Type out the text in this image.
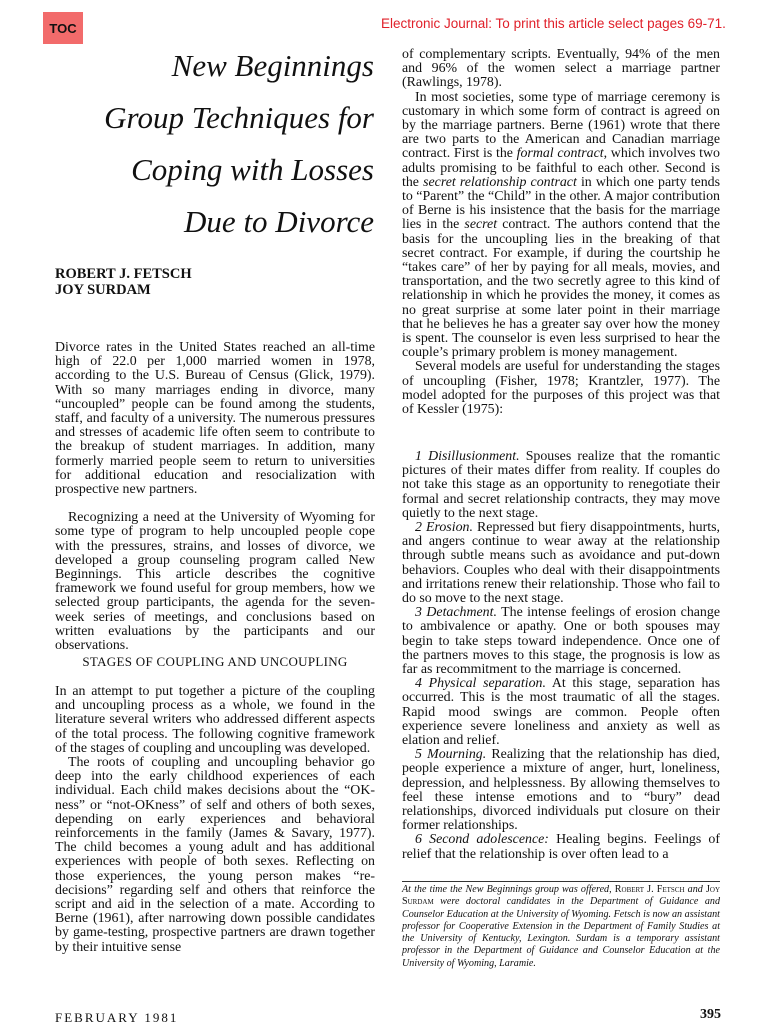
TOC	Electronic Journal: To print this article select pages 69-71.
New Beginnings
Group Techniques for
Coping with Losses
Due to Divorce
ROBERT J. FETSCH
JOY SURDAM

Divorce rates in the United States reached an all-time high of 22.0 per 1,000 married women in 1978, according to the U.S. Bureau of Census (Glick, 1979). With so many marriages ending in divorce, many “uncoupled” people can be found among the students, staff, and faculty of a university. The numerous pressures and stresses of academic life often seem to contribute to the breakup of student marriages. In addition, many formerly married people seem to return to universities for additional education and resocialization with prospective new partners.

Recognizing a need at the University of Wyoming for some type of program to help uncoupled people cope with the pressures, strains, and losses of divorce, we developed a group counseling program called New Beginnings. This article describes the cognitive framework we found useful for group members, how we selected group participants, the agenda for the seven-week series of meetings, and conclusions based on written evaluations by the participants and our observations.

STAGES OF COUPLING AND UNCOUPLING

In an attempt to put together a picture of the coupling and uncoupling process as a whole, we found in the literature several writers who addressed different aspects of the total process. The following cognitive framework of the stages of coupling and uncoupling was developed.

The roots of coupling and uncoupling behavior go deep into the early childhood experiences of each individual. Each child makes decisions about the “OK-ness” or “not-OKness” of self and others of both sexes, depending on early experiences and behavioral reinforcements in the family (James & Savary, 1977). The child becomes a young adult and has additional experiences with people of both sexes. Reflecting on those experiences, the young person makes “re-decisions” regarding self and others that reinforce the script and aid in the selection of a mate. According to Berne (1961), after narrowing down possible candidates by game-testing, prospective partners are drawn together by their intuitive sense

of complementary scripts. Eventually, 94% of the men and 96% of the women select a marriage partner (Rawlings, 1978).

In most societies, some type of marriage ceremony is customary in which some form of contract is agreed on by the marriage partners. Berne (1961) wrote that there are two parts to the American and Canadian marriage contract. First is the formal contract, which involves two adults promising to be faithful to each other. Second is the secret relationship contract in which one party tends to “Parent” the “Child” in the other. A major contribution of Berne is his insistence that the basis for the marriage lies in the secret contract. The authors contend that the basis for the uncoupling lies in the breaking of that secret contract. For example, if during the courtship he “takes care” of her by paying for all meals, movies, and transportation, and the two secretly agree to this kind of relationship in which he provides the money, it comes as no great surprise at some later point in their marriage that he believes he has a greater say over how the money is spent. The counselor is even less surprised to hear the couple’s primary problem is money management.

Several models are useful for understanding the stages of uncoupling (Fisher, 1978; Krantzler, 1977). The model adopted for the purposes of this project was that of Kessler (1975):

1 Disillusionment. Spouses realize that the romantic pictures of their mates differ from reality. If couples do not take this stage as an opportunity to renegotiate their formal and secret relationship contracts, they may move quietly to the next stage.

2 Erosion. Repressed but fiery disappointments, hurts, and angers continue to wear away at the relationship through subtle means such as avoidance and put-down behaviors. Couples who deal with their disappointments and irritations renew their relationship. Those who fail to do so move to the next stage.

3 Detachment. The intense feelings of erosion change to ambivalence or apathy. One or both spouses may begin to take steps toward independence. Once one of the partners moves to this stage, the prognosis is low as far as recommitment to the marriage is concerned.

4 Physical separation. At this stage, separation has occurred. This is the most traumatic of all the stages. Rapid mood swings are common. People often experience severe loneliness and anxiety as well as elation and relief.

5 Mourning. Realizing that the relationship has died, people experience a mixture of anger, hurt, loneliness, depression, and helplessness. By allowing themselves to feel these intense emotions and to “bury” dead relationships, divorced individuals put closure on their former relationships.

6 Second adolescence: Healing begins. Feelings of relief that the relationship is over often lead to a

At the time the New Beginnings group was offered, Robert J. Fetsch and Joy Surdam were doctoral candidates in the Department of Guidance and Counselor Education at the University of Wyoming. Fetsch is now an assistant professor for Cooperative Extension in the Department of Family Studies at the University of Kentucky, Lexington. Surdam is a temporary assistant professor in the Department of Guidance and Counselor Education at the University of Wyoming, Laramie.
FEBRUARY 1981	395
